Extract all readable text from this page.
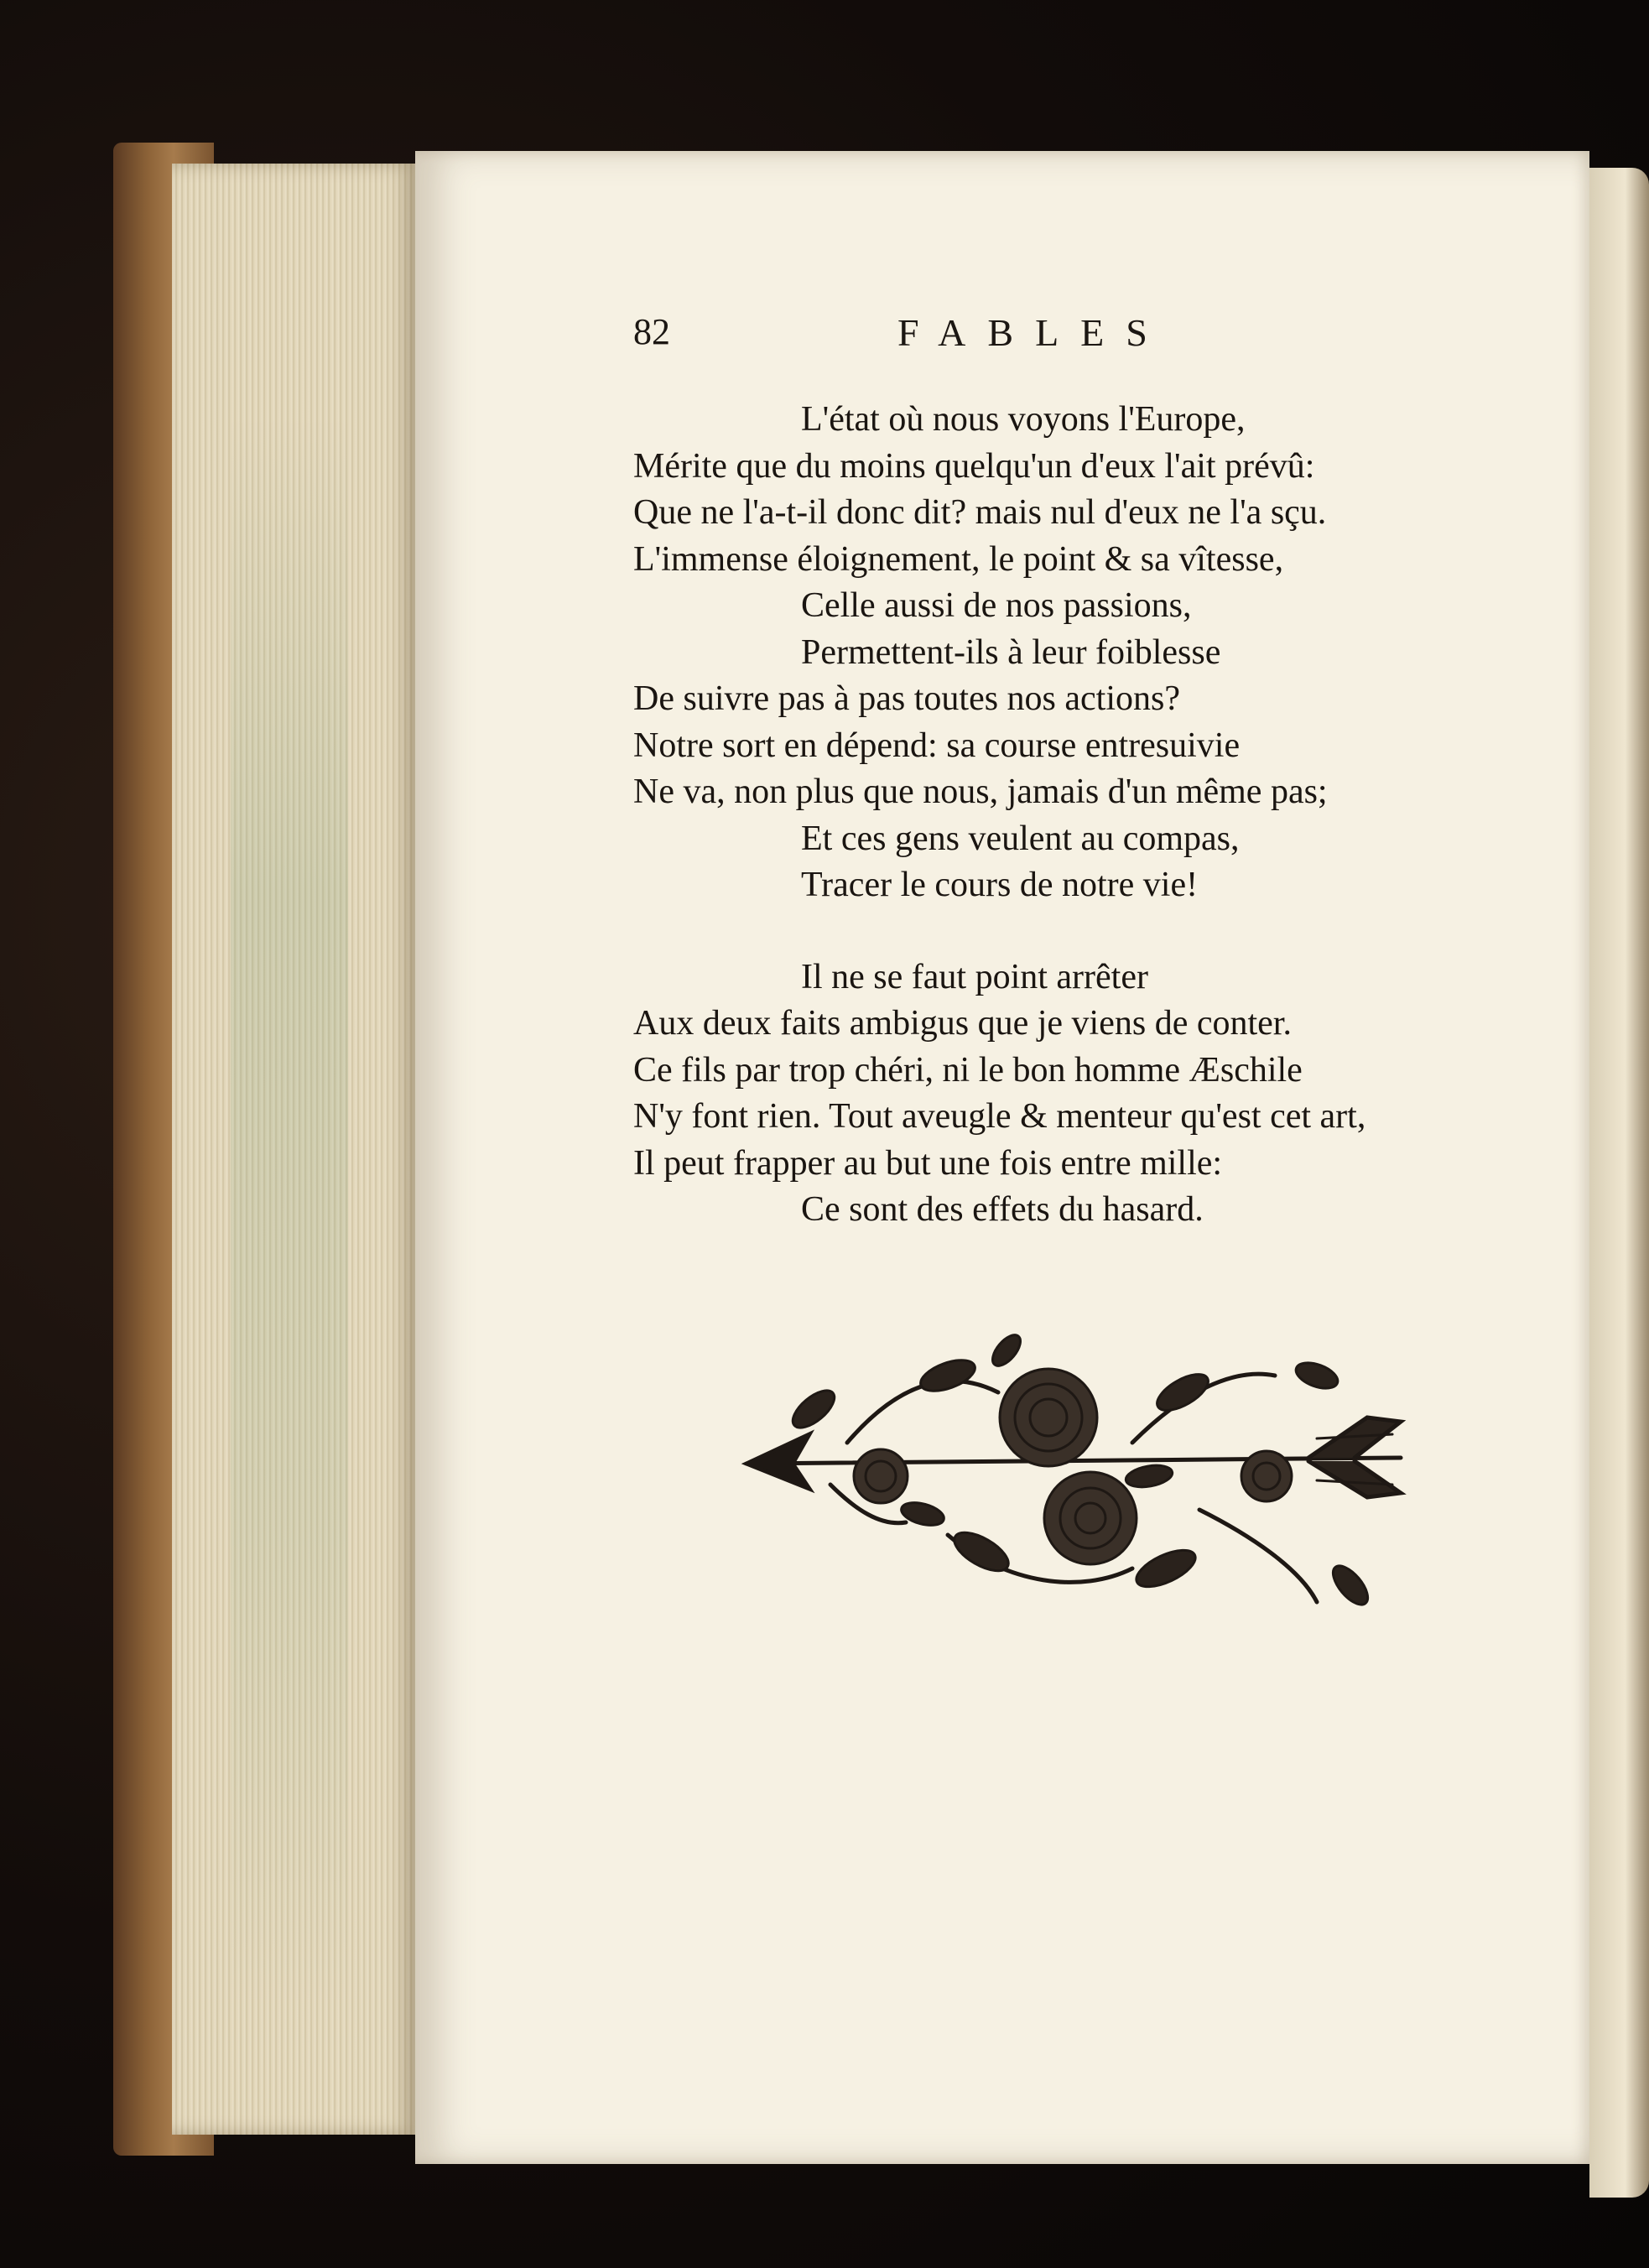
82	FABLES
L'état où nous voyons l'Europe,
Mérite que du moins quelqu'un d'eux l'ait prévû:
Que ne l'a-t-il donc dit? mais nul d'eux ne l'a sçu.
L'immense éloignement, le point & sa vîtesse,
Celle aussi de nos passions,
Permettent-ils à leur foiblesse
De suivre pas à pas toutes nos actions?
Notre sort en dépend: sa course entresuivie
Ne va, non plus que nous, jamais d'un même pas;
Et ces gens veulent au compas,
Tracer le cours de notre vie!
Il ne se faut point arrêter
Aux deux faits ambigus que je viens de conter.
Ce fils par trop chéri, ni le bon homme Æschile
N'y font rien. Tout aveugle & menteur qu'est cet art,
Il peut frapper au but une fois entre mille:
Ce sont des effets du hasard.
